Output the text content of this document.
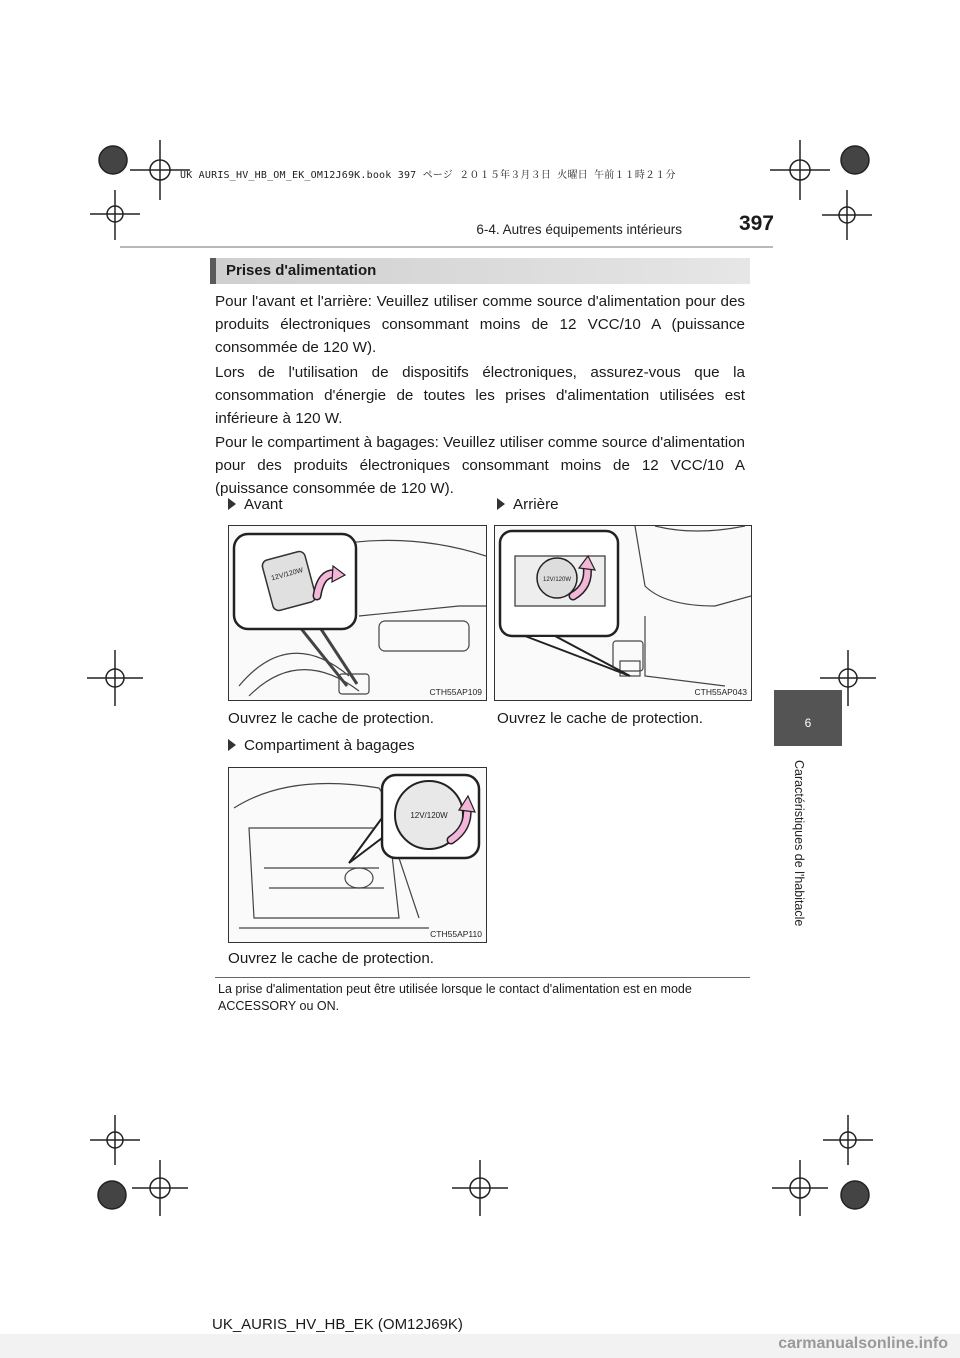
UK AURIS_HV_HB_OM_EK_OM12J69K.book 397 ページ ２０１５年３月３日 火曜日 午前１１時２１分
397
6-4. Autres équipements intérieurs
6
Caractéristiques de l'habitacle
Prises d'alimentation

Pour l'avant et l'arrière: Veuillez utiliser comme source d'alimentation pour des produits électroniques consommant moins de 12 VCC/10 A (puissance consommée de 120 W).

Lors de l'utilisation de dispositifs électroniques, assurez-vous que la consommation d'énergie de toutes les prises d'alimentation utilisées est inférieure à 120 W.

Pour le compartiment à bagages: Veuillez utiliser comme source d'alimentation pour des produits électroniques consommant moins de 12 VCC/10 A (puissance consommée de 120 W).

Avant
12V/120W
CTH55AP109
Ouvrez le cache de protection.
Arrière
12V/120W
CTH55AP043
Ouvrez le cache de protection.
Compartiment à bagages
12V/120W
CTH55AP110
Ouvrez le cache de protection.

La prise d'alimentation peut être utilisée lorsque le contact d'alimentation est en mode ACCESSORY ou ON.

UK_AURIS_HV_HB_EK (OM12J69K)
carmanualsonline.info
